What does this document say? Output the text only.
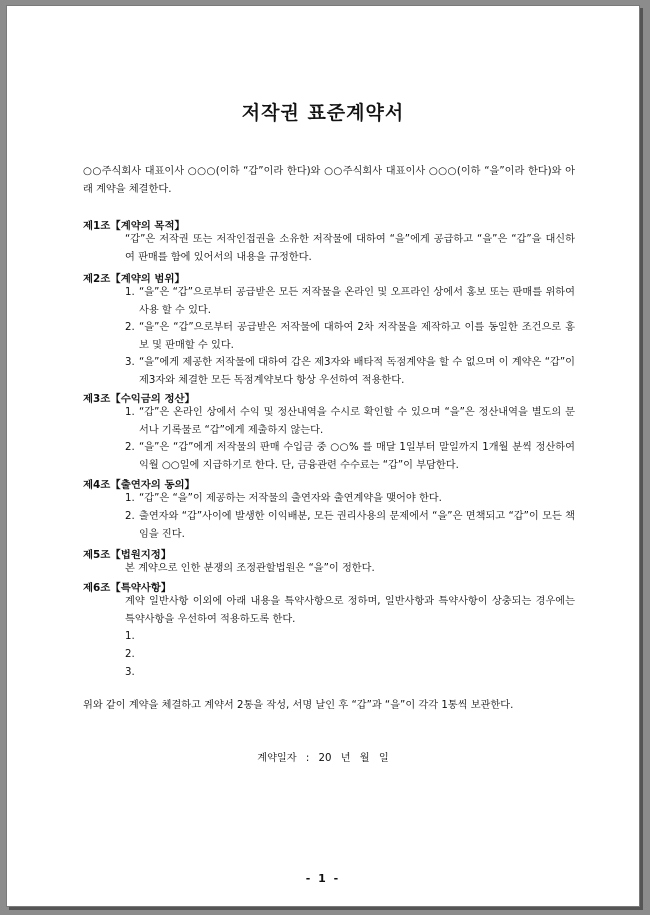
저작권 표준계약서
○○주식회사 대표이사 ○○○(이하 “갑”이라 한다)와 ○○주식회사 대표이사 ○○○(이하 “을”이라 한다)와 아래 계약을 체결한다.
제1조【계약의 목적】
“갑”은 저작권 또는 저작인접권을 소유한 저작물에 대하여 “을”에게 공급하고 “을”은 “갑”을 대신하여 판매를 함에 있어서의 내용을 규정한다.
제2조【계약의 범위】
1. “을”은 “갑”으로부터 공급받은 모든 저작물을 온라인 및 오프라인 상에서 홍보 또는 판매를 위하여 사용 할 수 있다.
2. “을”은 “갑”으로부터 공급받은 저작물에 대하여 2차 저작물을 제작하고 이를 동일한 조건으로 홍보 및 판매할 수 있다.
3. “을”에게 제공한 저작물에 대하여 갑은 제3자와 배타적 독점계약을 할 수 없으며 이 계약은 “갑”이 제3자와 체결한 모든 독점계약보다 항상 우선하여 적용한다.
제3조【수익금의 정산】
1. “갑”은 온라인 상에서 수익 및 정산내역을 수시로 확인할 수 있으며 “을”은 정산내역을 별도의 문서나 기록물로 “갑”에게 제출하지 않는다.
2. “을”은 “갑”에게 저작물의 판매 수입금 중 ○○% 를 매달 1일부터 말일까지 1개월 분씩 정산하여 익월 ○○일에 지급하기로 한다. 단, 금융관련 수수료는 “갑”이 부담한다.
제4조【출연자의 동의】
1. “갑”은 “을”이 제공하는 저작물의 출연자와 출연계약을 맺어야 한다.
2. 출연자와 “갑”사이에 발생한 이익배분, 모든 권리사용의 문제에서 “을”은 면책되고 “갑”이 모든 책임을 진다.
제5조【법원지정】
본 계약으로 인한 분쟁의 조정관할법원은 “을”이 정한다.
제6조【특약사항】
계약 일반사항 이외에 아래 내용을 특약사항으로 정하며, 일반사항과 특약사항이 상충되는 경우에는 특약사항을 우선하여 적용하도록 한다.
1.
2.
3.
위와 같이 계약을 체결하고 계약서 2통을 작성, 서명 날인 후 “갑”과 “을”이 각각 1통씩 보관한다.
계약일자 : 20 년 월 일
- 1 -
